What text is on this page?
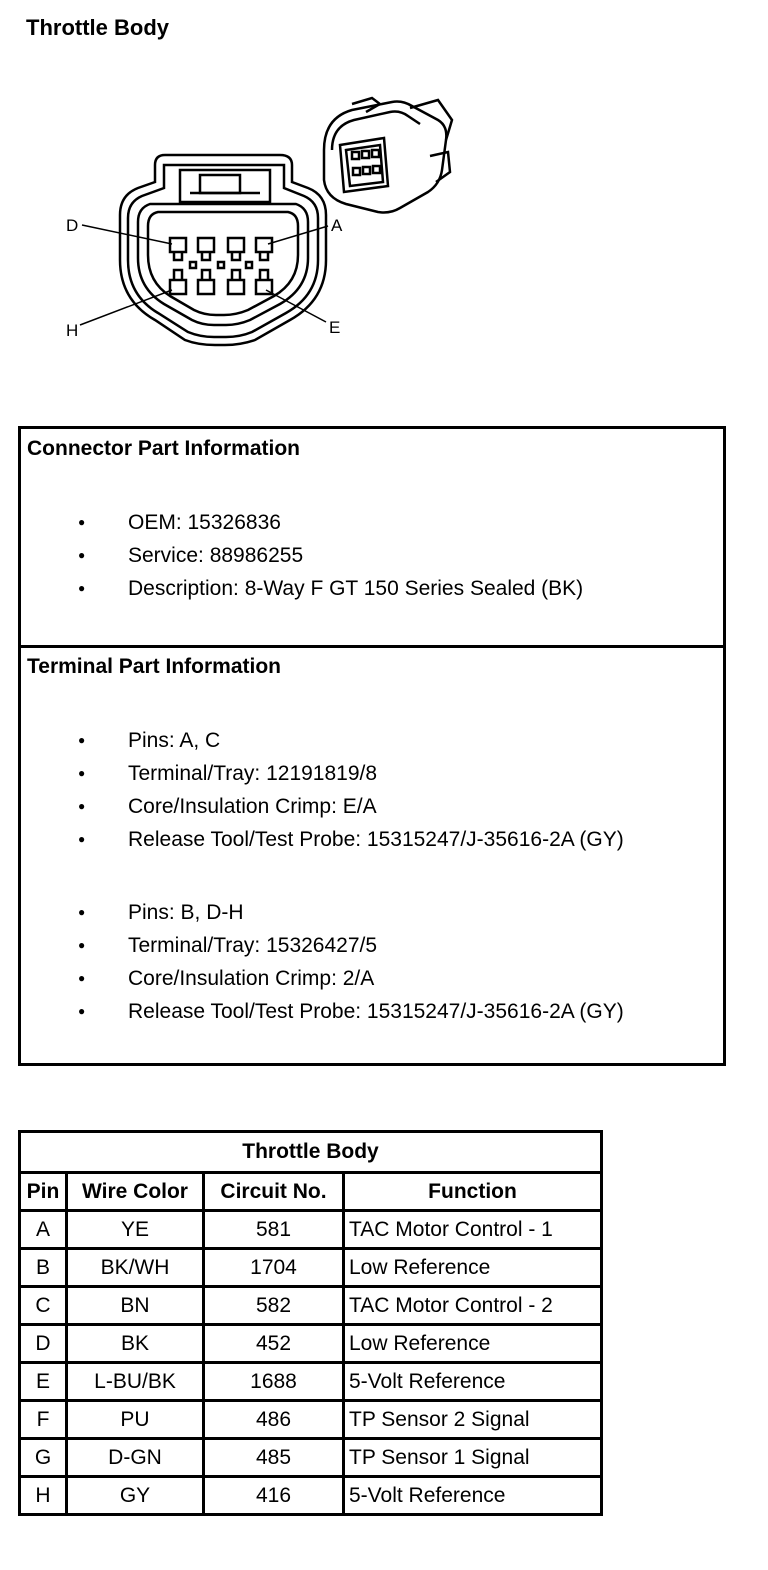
Throttle Body
D	A
H	E
Connector Part Information
● OEM: 15326836
● Service: 88986255
● Description: 8-Way F GT 150 Series Sealed (BK)
Terminal Part Information
● Pins: A, C
● Terminal/Tray: 12191819/8
● Core/Insulation Crimp: E/A
● Release Tool/Test Probe: 15315247/J-35616-2A (GY)
● Pins: B, D-H
● Terminal/Tray: 15326427/5
● Core/Insulation Crimp: 2/A
● Release Tool/Test Probe: 15315247/J-35616-2A (GY)
Throttle Body			
Pin	Wire Color	Circuit No.	Function
A	YE	581	TAC Motor Control - 1
B	BK/WH	1704	Low Reference
C	BN	582	TAC Motor Control - 2
D	BK	452	Low Reference
E	L-BU/BK	1688	5-Volt Reference
F	PU	486	TP Sensor 2 Signal
G	D-GN	485	TP Sensor 1 Signal
H	GY	416	5-Volt Reference
